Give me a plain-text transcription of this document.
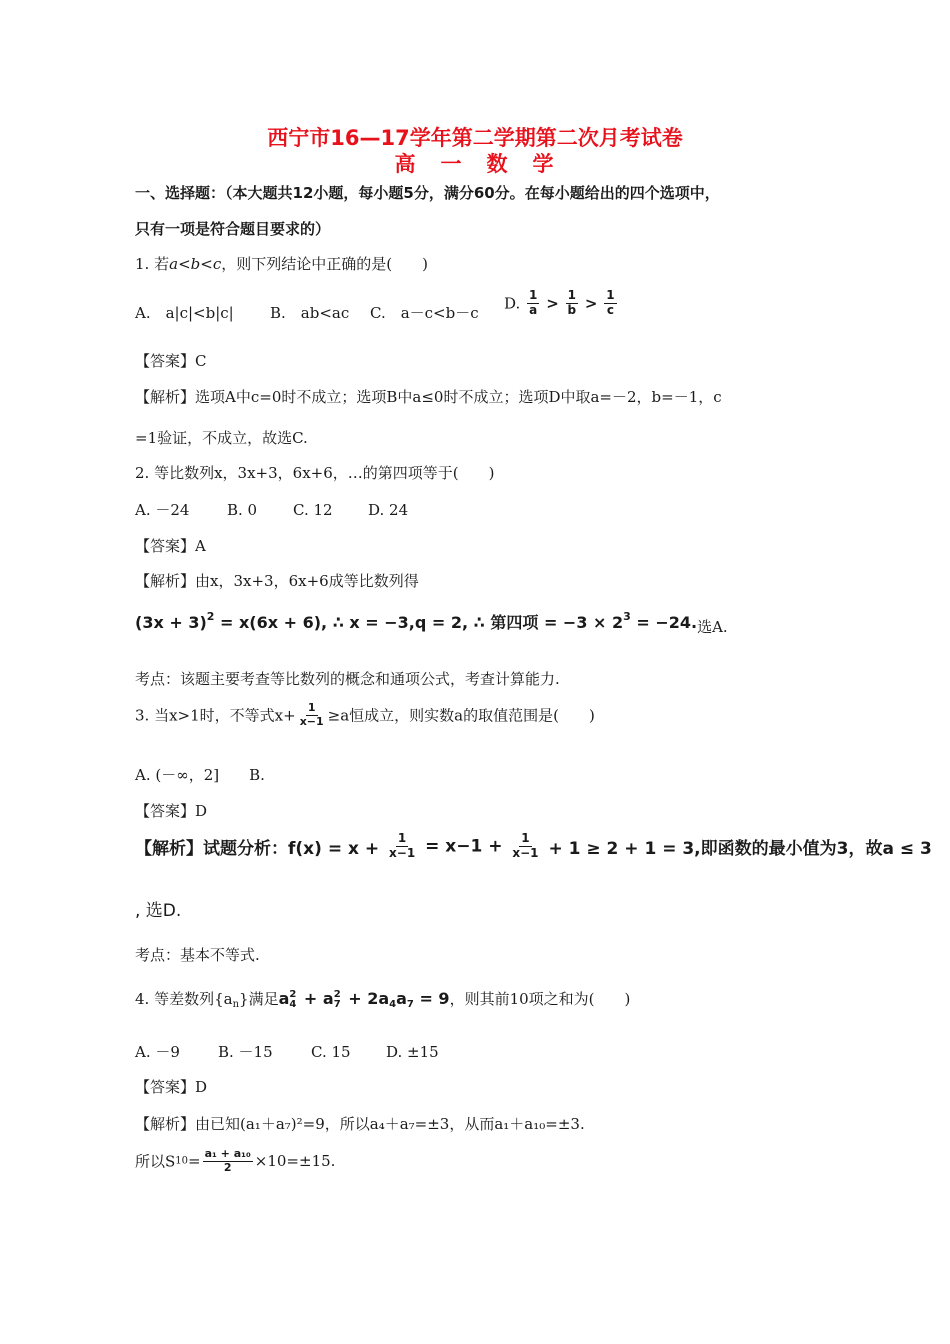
西宁市16—17学年第二学期第二次月考试卷
高　一　数　学
一、选择题：（本大题共12小题，每小题5分，满分60分。在每小题给出的四个选项中，
只有一项是符合题目要求的）
1. 若a<b<c，则下列结论中正确的是(　　)
A.　a|c|<b|c| B.　ab<ac C.　a－c<b－c
D. $\frac{1}{a} > \frac{1}{b} > \frac{1}{c}$
【答案】C
【解析】选项A中c=0时不成立；选项B中a≤0时不成立；选项D中取a=－2，b=－1，c
=1验证，不成立，故选C.
2. 等比数列x，3x+3，6x+6，…的第四项等于(　　)
A. －24	B. 0 C. 12 D. 24
【答案】A
【解析】由x，3x+3，6x+6成等比数列得
$(3x + 3)^2 = x(6x + 6)$, ∴ x = −3,q = 2, ∴ 第四项 = $-3 \times 2^3 = -24$.选A.
考点：该题主要考查等比数列的概念和通项公式，考查计算能力.
3. 当x>1时，不等式$x+ \frac{1}{x-1} \ge a$恒成立，则实数a的取值范围是(　　)
A. (－∞，2]　　B.
【答案】D
【解析】试题分析：$f(x) = x + \frac{1}{x-1} = x-1 + \frac{1}{x-1} + 1 \ge 2 + 1 = 3$,即函数的最小值为3，故a ≤ 3
, 选D.
考点：基本不等式.
4. 等差数列$\{a_n\}$满足a 2
4 + a 2
$7 + 2a_4a_7 = 9$，则其前10项之和为(　　)
A. －9	B. －15	C. 15 D. ±15
【答案】D
【解析】由已知(a₁＋a₇)²=9，所以a₄＋a₇=±3，从而a₁＋a₁₀=±3.
所以$S10= \frac{\text{a₁ + a₁₀}}{2} \times 10=\pm 15$.
